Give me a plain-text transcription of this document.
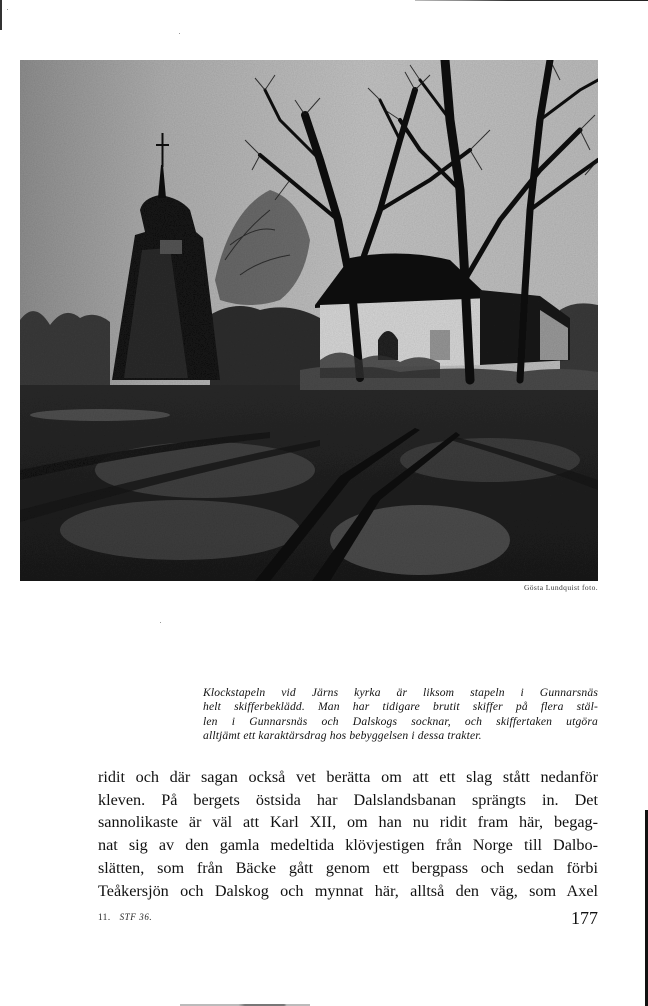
Gösta Lundquist foto.
Klockstapeln vid Järns kyrka är liksom stapeln i Gunnarsnäs
helt skifferbeklädd. Man har tidigare brutit skiffer på flera stäl-
len i Gunnarsnäs och Dalskogs socknar, och skiffertaken utgöra
alltjämt ett karaktärsdrag hos bebyggelsen i dessa trakter.
ridit och där sagan också vet berätta om att ett slag stått nedanför
kleven. På bergets östsida har Dalslandsbanan sprängts in. Det
sannolikaste är väl att Karl XII, om han nu ridit fram här, begag-
nat sig av den gamla medeltida klövjestigen från Norge till Dalbo-
slätten, som från Bäcke gått genom ett bergpass och sedan förbi
Teåkersjön och Dalskog och mynnat här, alltså den väg, som Axel
11. STF 36.	177
